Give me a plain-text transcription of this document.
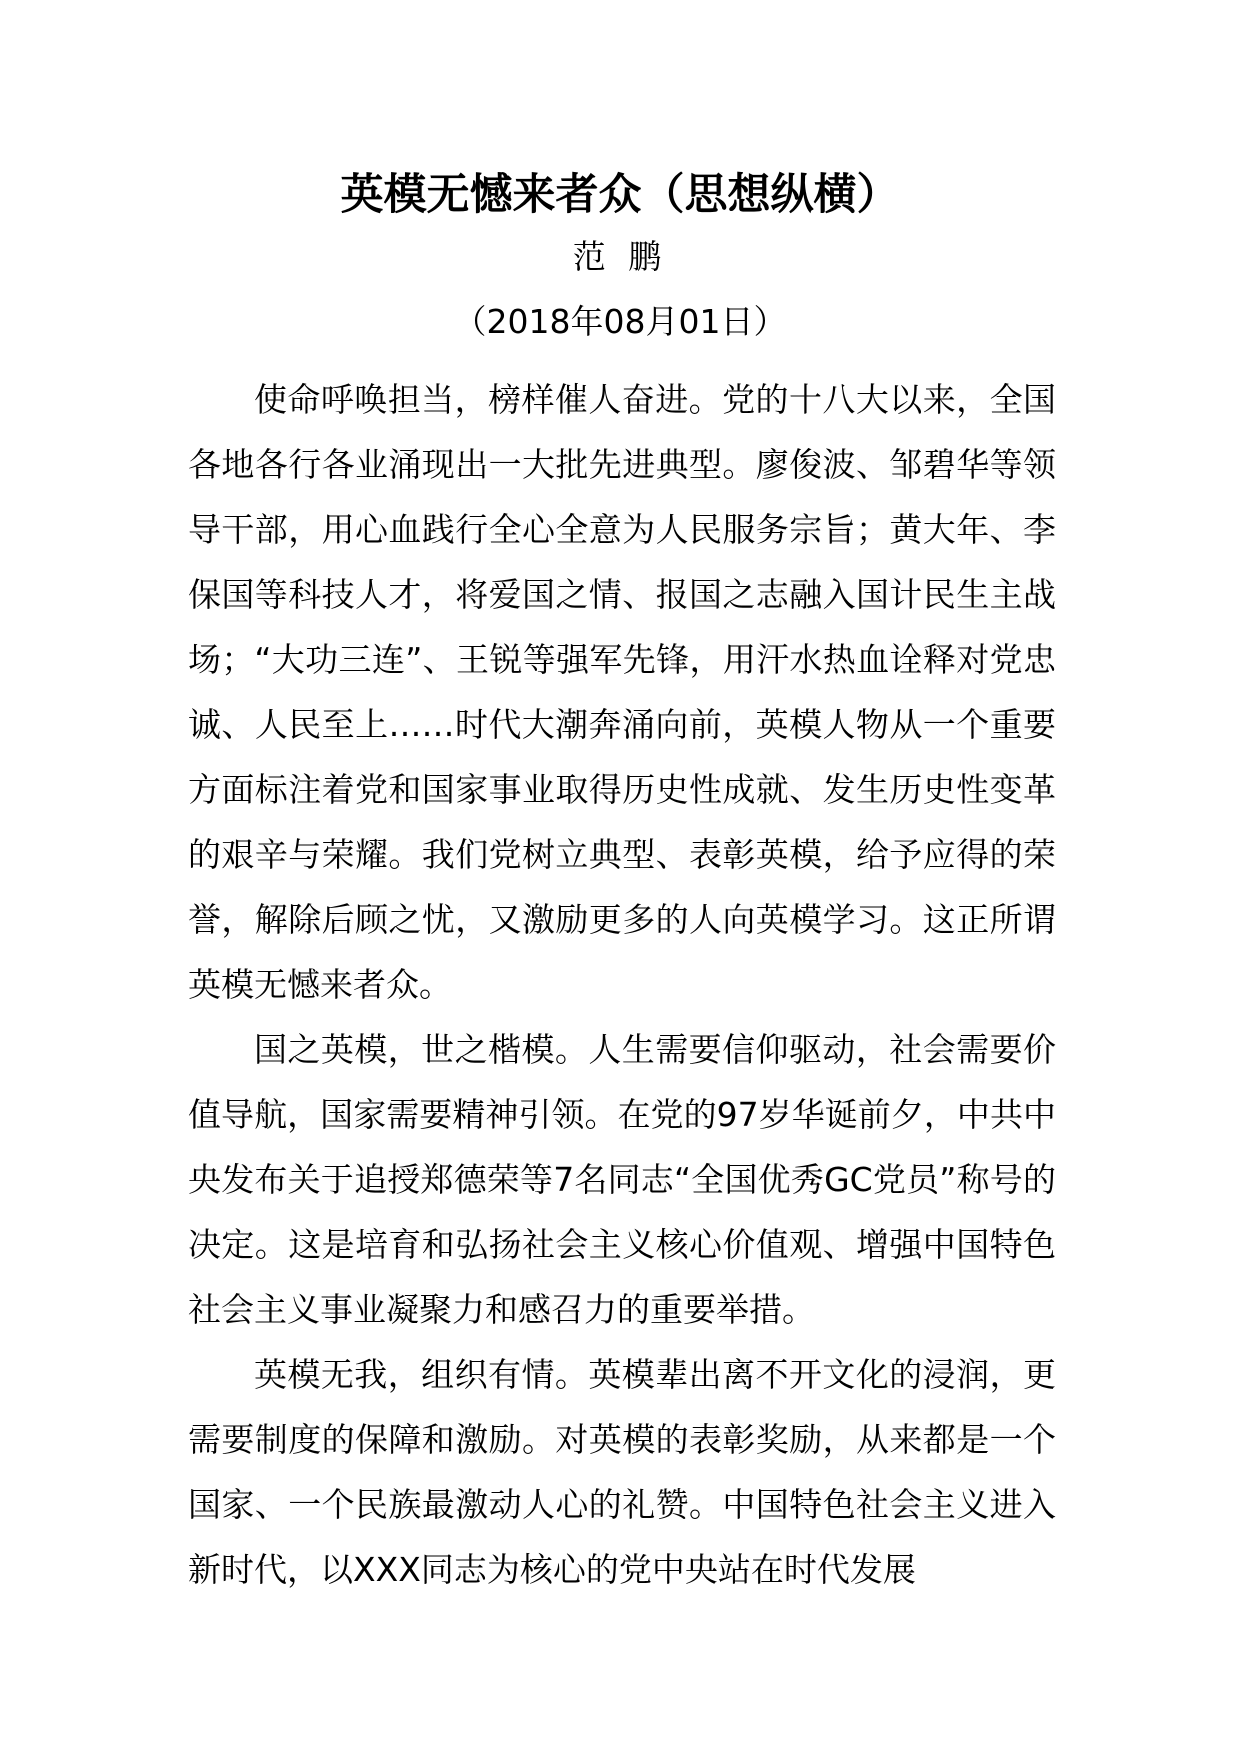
英模无憾来者众（思想纵横）
范 鹏
（2018年08月01日）

使命呼唤担当，榜样催人奋进。党的十八大以来，全国各地各行各业涌现出一大批先进典型。廖俊波、邹碧华等领导干部，用心血践行全心全意为人民服务宗旨；黄大年、李保国等科技人才，将爱国之情、报国之志融入国计民生主战场；“大功三连”、王锐等强军先锋，用汗水热血诠释对党忠诚、人民至上……时代大潮奔涌向前，英模人物从一个重要方面标注着党和国家事业取得历史性成就、发生历史性变革的艰辛与荣耀。我们党树立典型、表彰英模，给予应得的荣誉，解除后顾之忧，又激励更多的人向英模学习。这正所谓英模无憾来者众。

国之英模，世之楷模。人生需要信仰驱动，社会需要价值导航，国家需要精神引领。在党的97岁华诞前夕，中共中央发布关于追授郑德荣等7名同志“全国优秀GC党员”称号的决定。这是培育和弘扬社会主义核心价值观、增强中国特色社会主义事业凝聚力和感召力的重要举措。

英模无我，组织有情。英模辈出离不开文化的浸润，更需要制度的保障和激励。对英模的表彰奖励，从来都是一个国家、一个民族最激动人心的礼赞。中国特色社会主义进入新时代，以XXX同志为核心的党中央站在时代发展
